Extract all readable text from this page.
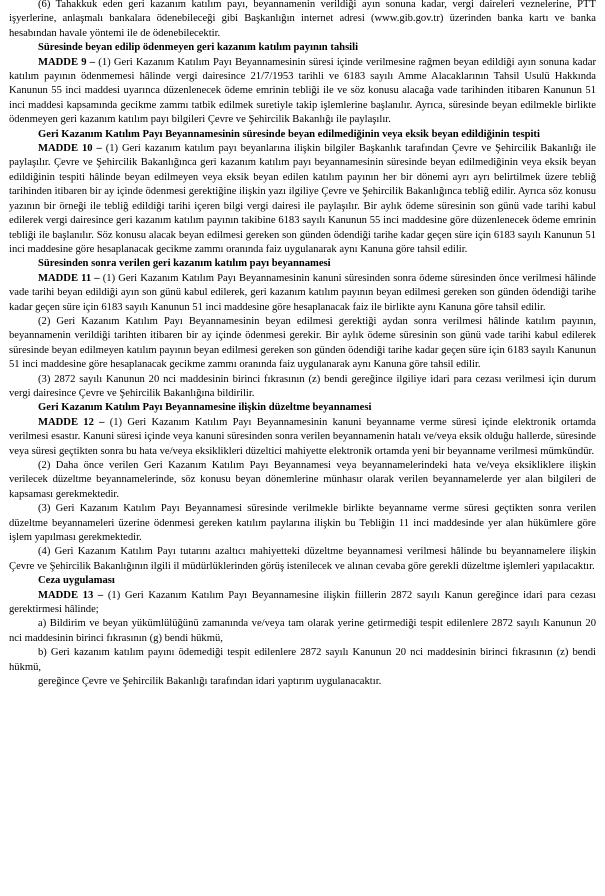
(6) Tahakkuk eden geri kazanım katılım payı, beyannamenin verildiği ayın sonuna kadar, vergi daireleri veznelerine, PTT işyerlerine, anlaşmalı bankalara ödenebileceği gibi Başkanlığın internet adresi (www.gib.gov.tr) üzerinden banka kartı ve banka hesabından havale yöntemi ile de ödenebilecektir.

Süresinde beyan edilip ödenmeyen geri kazanım katılım payının tahsili

MADDE 9 – (1) Geri Kazanım Katılım Payı Beyannamesinin süresi içinde verilmesine rağmen beyan edildiği ayın sonuna kadar katılım payının ödenmemesi hâlinde vergi dairesince 21/7/1953 tarihli ve 6183 sayılı Amme Alacaklarının Tahsil Usulü Hakkında Kanunun 55 inci maddesi uyarınca düzenlenecek ödeme emrinin tebliği ile ve söz konusu alacağa vade tarihinden itibaren Kanunun 51 inci maddesi kapsamında gecikme zammı tatbik edilmek suretiyle takip işlemlerine başlanılır. Ayrıca, süresinde beyan edilmekle birlikte ödenmeyen geri kazanım katılım payı bilgileri Çevre ve Şehircilik Bakanlığı ile paylaşılır.

Geri Kazanım Katılım Payı Beyannamesinin süresinde beyan edilmediğinin veya eksik beyan edildiğinin tespiti

MADDE 10 – (1) Geri kazanım katılım payı beyanlarına ilişkin bilgiler Başkanlık tarafından Çevre ve Şehircilik Bakanlığı ile paylaşılır. Çevre ve Şehircilik Bakanlığınca geri kazanım katılım payı beyannamesinin süresinde beyan edilmediğinin veya eksik beyan edildiğinin tespiti hâlinde beyan edilmeyen veya eksik beyan edilen katılım payının her bir dönemi ayrı ayrı belirtilmek üzere tebliğ tarihinden itibaren bir ay içinde ödenmesi gerektiğine ilişkin yazı ilgiliye Çevre ve Şehircilik Bakanlığınca tebliğ edilir. Ayrıca söz konusu yazının bir örneği ile tebliğ edildiği tarihi içeren bilgi vergi dairesi ile paylaşılır. Bir aylık ödeme süresinin son günü vade tarihi kabul edilerek vergi dairesince geri kazanım katılım payının takibine 6183 sayılı Kanunun 55 inci maddesine göre düzenlenecek ödeme emrinin tebliği ile başlanılır. Söz konusu alacak beyan edilmesi gereken son günden ödendiği tarihe kadar geçen süre için 6183 sayılı Kanunun 51 inci maddesine göre hesaplanacak gecikme zammı oranında faiz uygulanarak aynı Kanuna göre tahsil edilir.

Süresinden sonra verilen geri kazanım katılım payı beyannamesi

MADDE 11 – (1) Geri Kazanım Katılım Payı Beyannamesinin kanuni süresinden sonra ödeme süresinden önce verilmesi hâlinde vade tarihi beyan edildiği ayın son günü kabul edilerek, geri kazanım katılım payının beyan edilmesi gereken son günden ödendiği tarihe kadar geçen süre için 6183 sayılı Kanunun 51 inci maddesine göre hesaplanacak faiz ile birlikte aynı Kanuna göre tahsil edilir.

(2) Geri Kazanım Katılım Payı Beyannamesinin beyan edilmesi gerektiği aydan sonra verilmesi hâlinde katılım payının, beyannamenin verildiği tarihten itibaren bir ay içinde ödenmesi gerekir. Bir aylık ödeme süresinin son günü vade tarihi kabul edilerek süresinde beyan edilmeyen katılım payının beyan edilmesi gereken son günden ödendiği tarihe kadar geçen süre için 6183 sayılı Kanunun 51 inci maddesine göre hesaplanacak gecikme zammı oranında faiz uygulanarak aynı Kanuna göre tahsil edilir.

(3) 2872 sayılı Kanunun 20 nci maddesinin birinci fıkrasının (z) bendi gereğince ilgiliye idari para cezası verilmesi için durum vergi dairesince Çevre ve Şehircilik Bakanlığına bildirilir.

Geri Kazanım Katılım Payı Beyannamesine ilişkin düzeltme beyannamesi

MADDE 12 – (1) Geri Kazanım Katılım Payı Beyannamesinin kanuni beyanname verme süresi içinde elektronik ortamda verilmesi esastır. Kanuni süresi içinde veya kanuni süresinden sonra verilen beyannamenin hatalı ve/veya eksik olduğu hallerde, süresinde veya süresi geçtikten sonra bu hata ve/veya eksiklikleri düzeltici mahiyette elektronik ortamda yeni bir beyanname verilmesi mümkündür.

(2) Daha önce verilen Geri Kazanım Katılım Payı Beyannamesi veya beyannamelerindeki hata ve/veya eksikliklere ilişkin verilecek düzeltme beyannamelerinde, söz konusu beyan dönemlerine münhasır olarak verilen beyannamelerde yer alan bilgileri de kapsaması gerekmektedir.

(3) Geri Kazanım Katılım Payı Beyannamesi süresinde verilmekle birlikte beyanname verme süresi geçtikten sonra verilen düzeltme beyannameleri üzerine ödenmesi gereken katılım paylarına ilişkin bu Tebliğin 11 inci maddesinde yer alan hükümlere göre işlem yapılması gerekmektedir.

(4) Geri Kazanım Katılım Payı tutarını azaltıcı mahiyetteki düzeltme beyannamesi verilmesi hâlinde bu beyannamelere ilişkin Çevre ve Şehircilik Bakanlığının ilgili il müdürlüklerinden görüş istenilecek ve alınan cevaba göre gerekli düzeltme işlemleri yapılacaktır.

Ceza uygulaması

MADDE 13 – (1) Geri Kazanım Katılım Payı Beyannamesine ilişkin fiillerin 2872 sayılı Kanun gereğince idari para cezası gerektirmesi hâlinde;

a) Bildirim ve beyan yükümlülüğünü zamanında ve/veya tam olarak yerine getirmediği tespit edilenlere 2872 sayılı Kanunun 20 nci maddesinin birinci fıkrasının (g) bendi hükmü,

b) Geri kazanım katılım payını ödemediği tespit edilenlere 2872 sayılı Kanunun 20 nci maddesinin birinci fıkrasının (z) bendi hükmü,

gereğince Çevre ve Şehircilik Bakanlığı tarafından idari yaptırım uygulanacaktır.
